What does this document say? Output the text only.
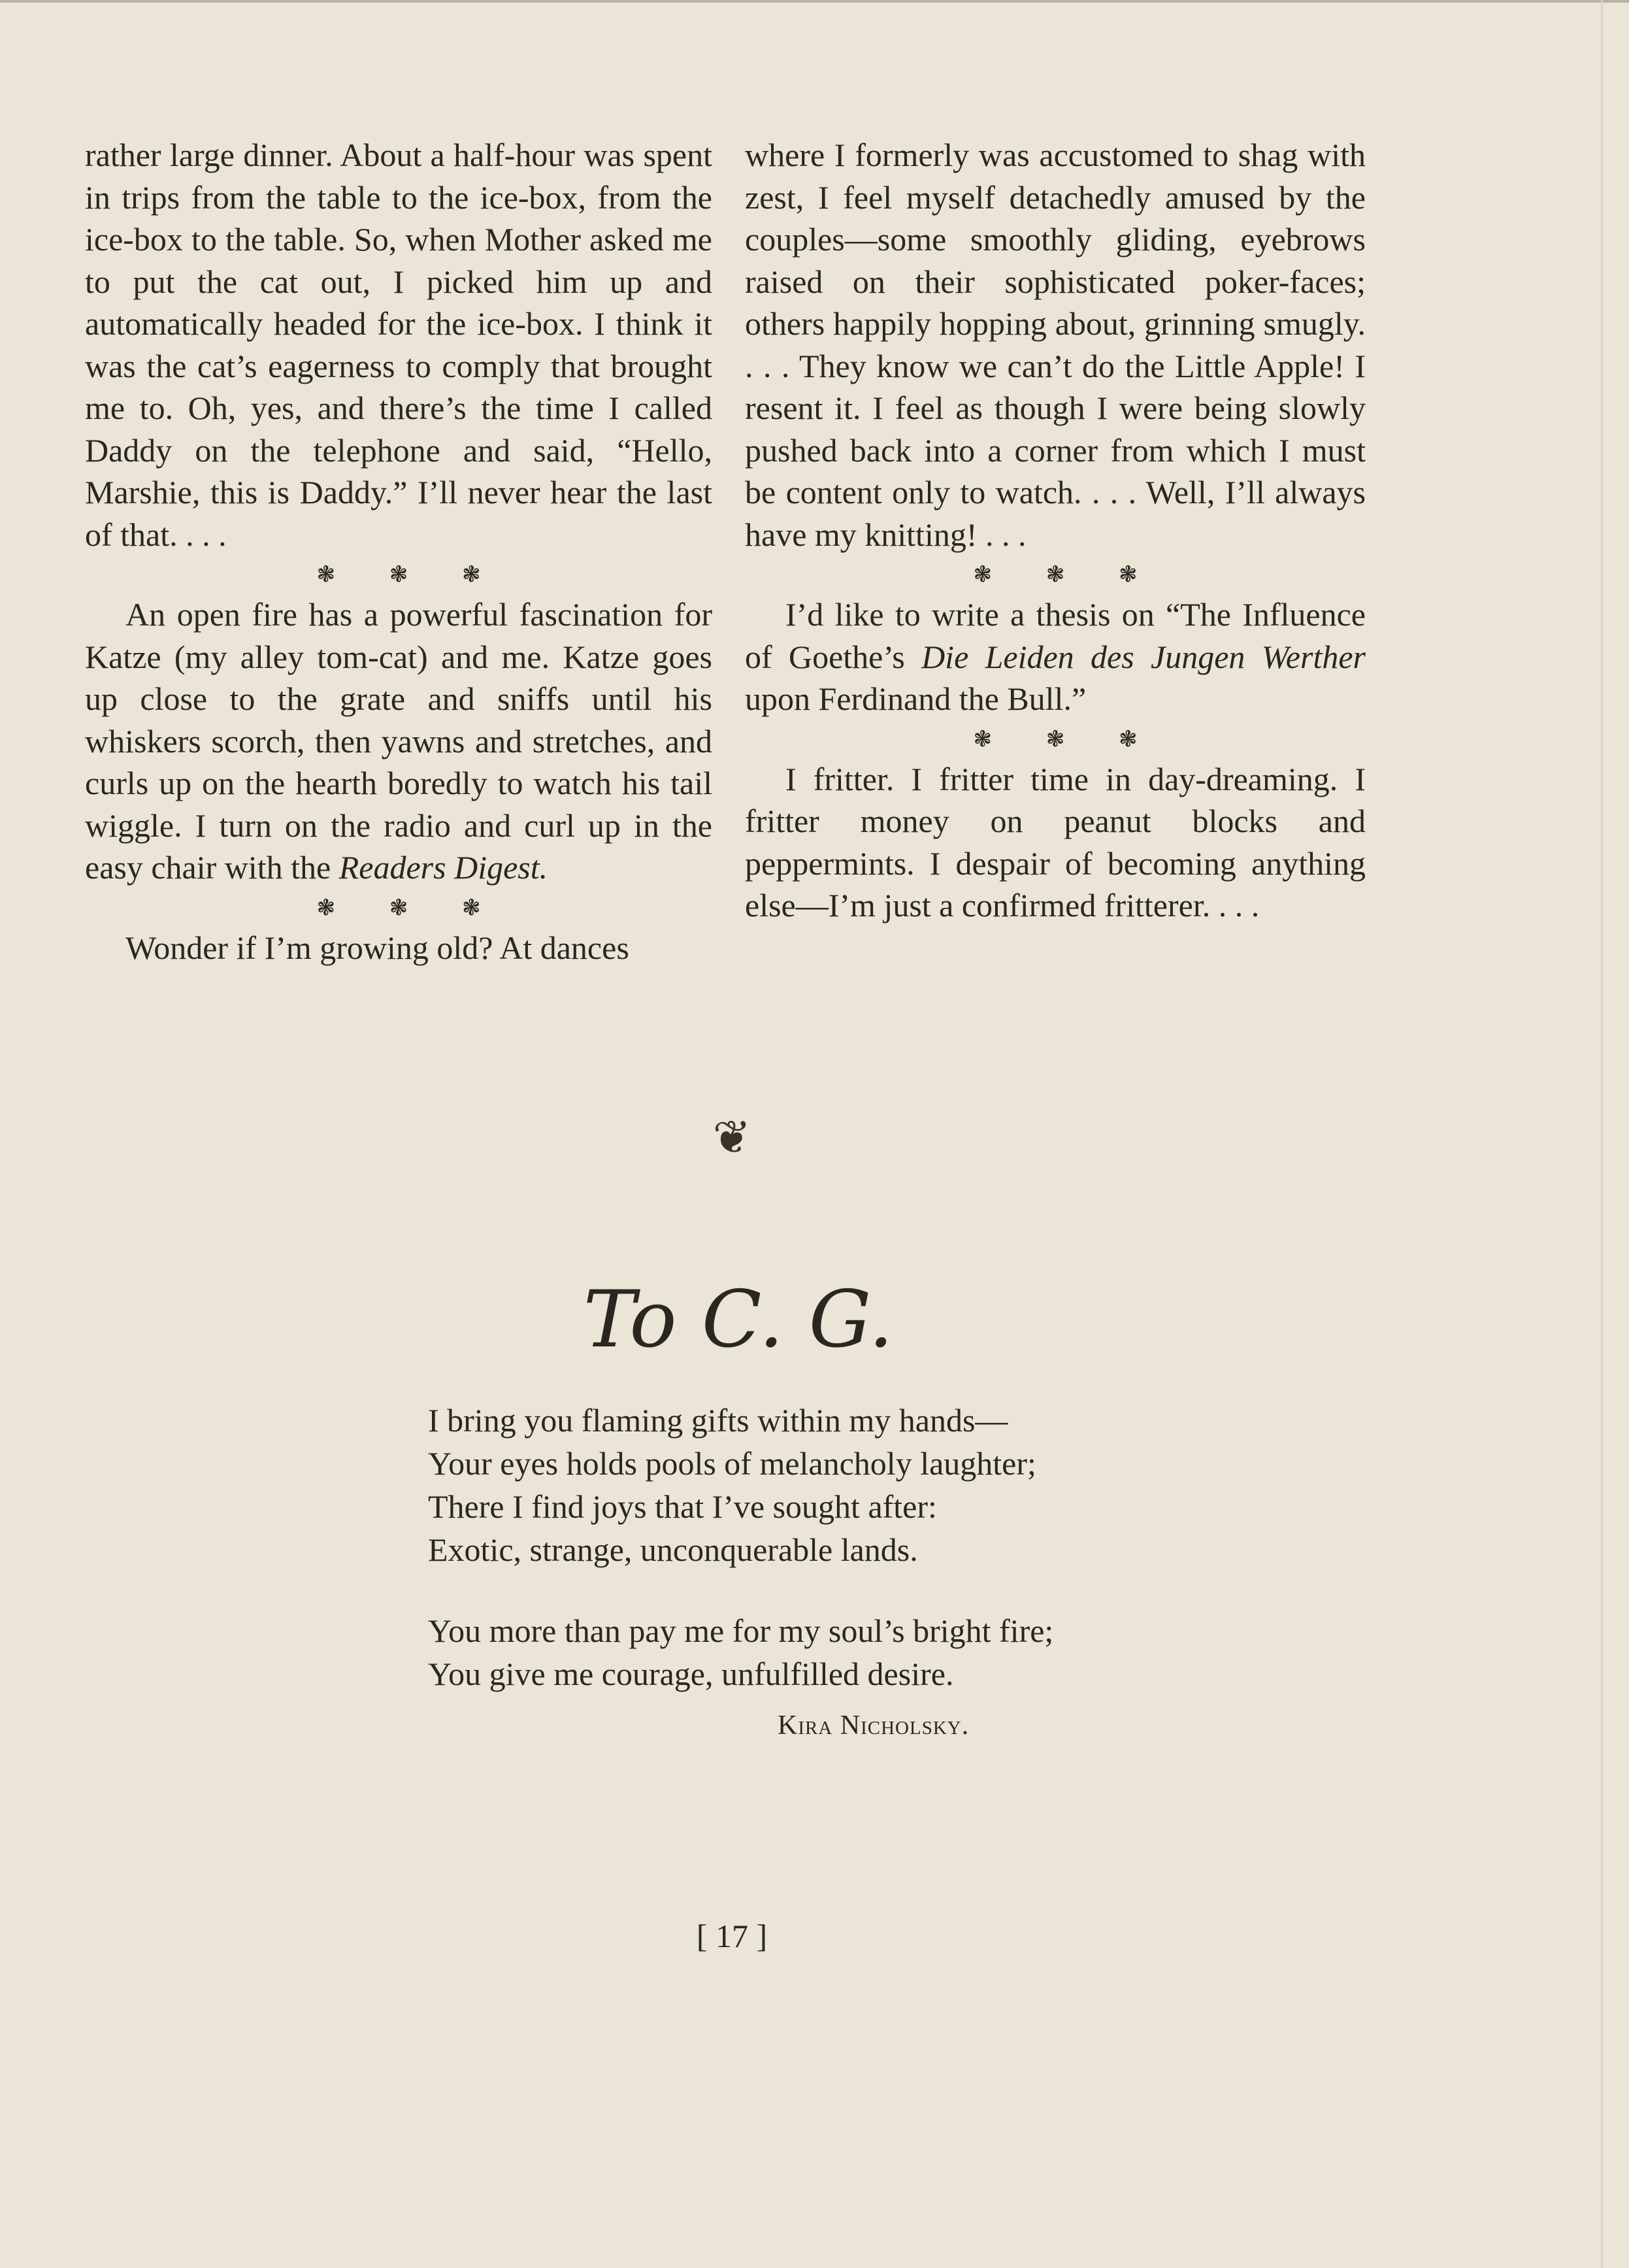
rather large dinner. About a half-hour was spent in trips from the table to the ice-box, from the ice-box to the table. So, when Mother asked me to put the cat out, I picked him up and automatically headed for the ice-box. I think it was the cat’s eagerness to comply that brought me to. Oh, yes, and there’s the time I called Daddy on the telephone and said, “Hello, Marshie, this is Daddy.” I’ll never hear the last of that. . . .

❃ ❃ ❃

An open fire has a powerful fascination for Katze (my alley tom-cat) and me. Katze goes up close to the grate and sniffs until his whiskers scorch, then yawns and stretches, and curls up on the hearth boredly to watch his tail wiggle. I turn on the radio and curl up in the easy chair with the Readers Digest.

❃ ❃ ❃

Wonder if I’m growing old? At dances

where I formerly was accustomed to shag with zest, I feel myself detachedly amused by the couples—some smoothly gliding, eyebrows raised on their sophisticated poker-faces; others happily hopping about, grinning smugly. . . . They know we can’t do the Little Apple! I resent it. I feel as though I were being slowly pushed back into a corner from which I must be content only to watch. . . . Well, I’ll always have my knitting! . . .

❃ ❃ ❃

I’d like to write a thesis on “The Influence of Goethe’s Die Leiden des Jungen Werther upon Ferdinand the Bull.”

❃ ❃ ❃

I fritter. I fritter time in day-dreaming. I fritter money on peanut blocks and peppermints. I despair of becoming anything else—I’m just a confirmed fritterer. . . .

❦
To C. G.
I bring you flaming gifts within my hands—
Your eyes holds pools of melancholy laughter;
There I find joys that I’ve sought after:
Exotic, strange, unconquerable lands.
You more than pay me for my soul’s bright fire;
You give me courage, unfulfilled desire.
Kira Nicholsky.
[ 17 ]
